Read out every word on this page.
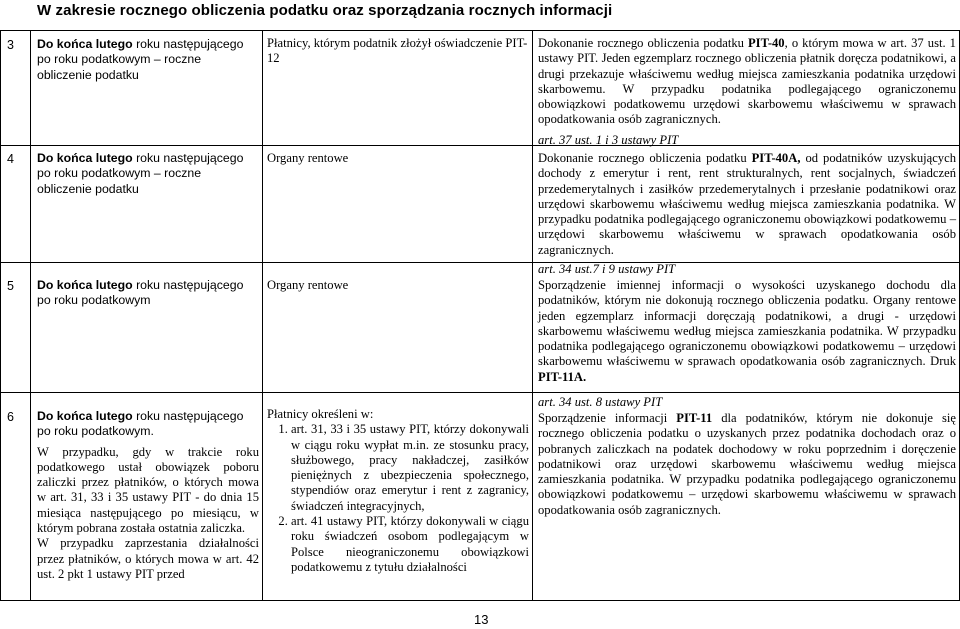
W zakresie rocznego obliczenia podatku oraz sporządzania rocznych informacji
3 Do końca lutego roku następującego po roku podatkowym – roczne obliczenie podatku
Płatnicy, którym podatnik złożył oświadczenie PIT-12
Dokonanie rocznego obliczenia podatku PIT-40, o którym mowa w art. 37 ust. 1 ustawy PIT. Jeden egzemplarz rocznego obliczenia płatnik doręcza podatnikowi, a drugi przekazuje właściwemu według miejsca zamieszkania podatnika urzędowi skarbowemu. W przypadku podatnika podlegającego ograniczonemu obowiązkowi podatkowemu urzędowi skarbowemu właściwemu w sprawach opodatkowania osób zagranicznych.
4 Do końca lutego roku następującego po roku podatkowym – roczne obliczenie podatku
Organy rentowe
art. 37 ust. 1 i 3 ustawy PIT
Dokonanie rocznego obliczenia podatku PIT-40A, od podatników uzyskujących dochody z emerytur i rent, rent strukturalnych, rent socjalnych, świadczeń przedemerytalnych i zasiłków przedemerytalnych i przesłanie podatnikowi oraz urzędowi skarbowemu właściwemu według miejsca zamieszkania podatnika. W przypadku podatnika podlegającego ograniczonemu obowiązkowi podatkowemu – urzędowi skarbowemu właściwemu w sprawach opodatkowania osób zagranicznych.
5 Do końca lutego roku następującego po roku podatkowym
Organy rentowe
art. 34 ust.7 i 9 ustawy PIT
Sporządzenie imiennej informacji o wysokości uzyskanego dochodu dla podatników, którym nie dokonują rocznego obliczenia podatku. Organy rentowe jeden egzemplarz informacji doręczają podatnikowi, a drugi - urzędowi skarbowemu właściwemu według miejsca zamieszkania podatnika. W przypadku podatnika podlegającego ograniczonemu obowiązkowi podatkowemu – urzędowi skarbowemu właściwemu w sprawach opodatkowania osób zagranicznych. Druk PIT-11A.
6 Do końca lutego roku następującego po roku podatkowym.
W przypadku, gdy w trakcie roku podatkowego ustał obowiązek poboru zaliczki przez płatników, o których mowa w art. 31, 33 i 35 ustawy PIT - do dnia 15 miesiąca następującego po miesiącu, w którym pobrana została ostatnia zaliczka.
W przypadku zaprzestania działalności przez płatników, o których mowa w art. 42 ust. 2 pkt 1 ustawy PIT przed
Płatnicy określeni w:
1. art. 31, 33 i 35 ustawy PIT, którzy dokonywali w ciągu roku wypłat m.in. ze stosunku pracy, służbowego, pracy nakładczej, zasiłków pieniężnych z ubezpieczenia społecznego, stypendiów oraz emerytur i rent z zagranicy, świadczeń integracyjnych,
2. art. 41 ustawy PIT, którzy dokonywali w ciągu roku świadczeń osobom podlegającym w Polsce nieograniczonemu obowiązkowi podatkowemu z tytułu działalności
art. 34 ust. 8 ustawy PIT
Sporządzenie informacji PIT-11 dla podatników, którym nie dokonuje się rocznego obliczenia podatku o uzyskanych przez podatnika dochodach oraz o pobranych zaliczkach na podatek dochodowy w roku poprzednim i doręczenie podatnikowi oraz urzędowi skarbowemu właściwemu według miejsca zamieszkania podatnika. W przypadku podatnika podlegającego ograniczonemu obowiązkowi podatkowemu – urzędowi skarbowemu właściwemu w sprawach opodatkowania osób zagranicznych.
13
